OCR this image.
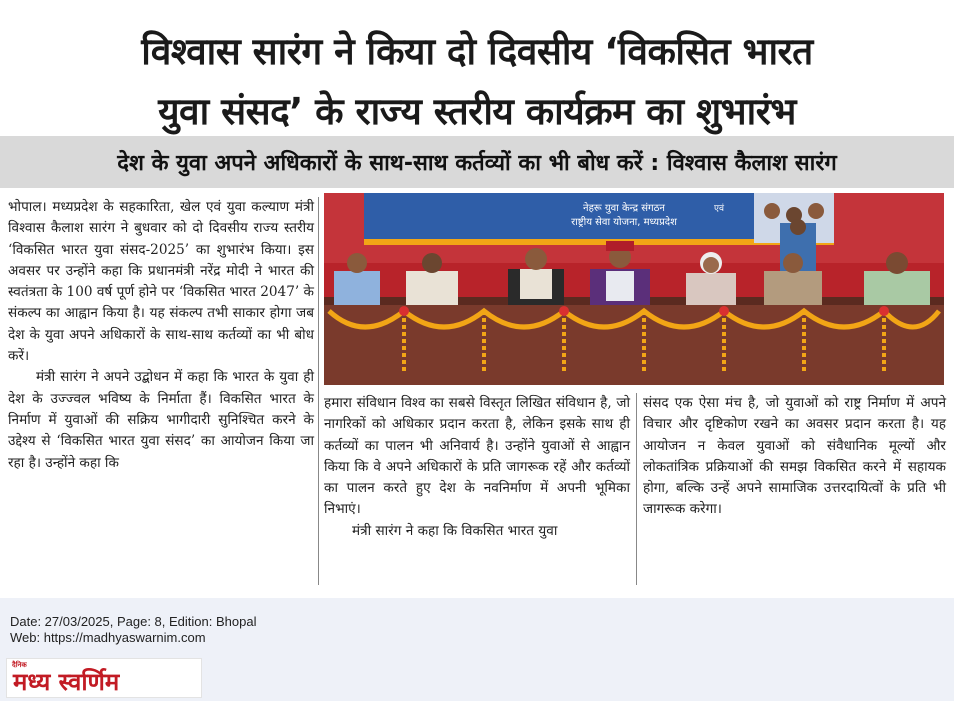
विश्वास सारंग ने किया दो दिवसीय ‘विकसित भारत
युवा संसद’ के राज्य स्तरीय कार्यक्रम का शुभारंभ
देश के युवा अपने अधिकारों के साथ-साथ कर्तव्यों का भी बोध करें : विश्वास कैलाश सारंग

भोपाल। मध्यप्रदेश के सहकारिता, खेल एवं युवा कल्याण मंत्री विश्वास कैलाश सारंग ने बुधवार को दो दिवसीय राज्य स्तरीय ‘विकसित भारत युवा संसद-2025’ का शुभारंभ किया। इस अवसर पर उन्होंने कहा कि प्रधानमंत्री नरेंद्र मोदी ने भारत की स्वतंत्रता के 100 वर्ष पूर्ण होने पर ‘विकसित भारत 2047’ के संकल्प का आह्वान किया है। यह संकल्प तभी साकार होगा जब देश के युवा अपने अधिकारों के साथ-साथ कर्तव्यों का भी बोध करें।

मंत्री सारंग ने अपने उद्बोधन में कहा कि भारत के युवा ही देश के उज्ज्वल भविष्य के निर्माता हैं। विकसित भारत के निर्माण में युवाओं की सक्रिय भागीदारी सुनिश्चित करने के उद्देश्य से ‘विकसित भारत युवा संसद’ का आयोजन किया जा रहा है। उन्होंने कहा कि

नेहरू युवा केन्द्र संगठन	एवं
राष्ट्रीय सेवा योजना, मध्यप्रदेश

हमारा संविधान विश्व का सबसे विस्तृत लिखित संविधान है, जो नागरिकों को अधिकार प्रदान करता है, लेकिन इसके साथ ही कर्तव्यों का पालन भी अनिवार्य है। उन्होंने युवाओं से आह्वान किया कि वे अपने अधिकारों के प्रति जागरूक रहें और कर्तव्यों का पालन करते हुए देश के नवनिर्माण में अपनी भूमिका निभाएं।

मंत्री सारंग ने कहा कि विकसित भारत युवा

संसद एक ऐसा मंच है, जो युवाओं को राष्ट्र निर्माण में अपने विचार और दृष्टिकोण रखने का अवसर प्रदान करता है। यह आयोजन न केवल युवाओं को संवैधानिक मूल्यों और लोकतांत्रिक प्रक्रियाओं की समझ विकसित करने में सहायक होगा, बल्कि उन्हें अपने सामाजिक उत्तरदायित्वों के प्रति भी जागरूक करेगा।

Date: 27/03/2025, Page: 8, Edition: Bhopal
Web: https://madhyaswarnim.com
दैनिक
मध्य स्वर्णिम
